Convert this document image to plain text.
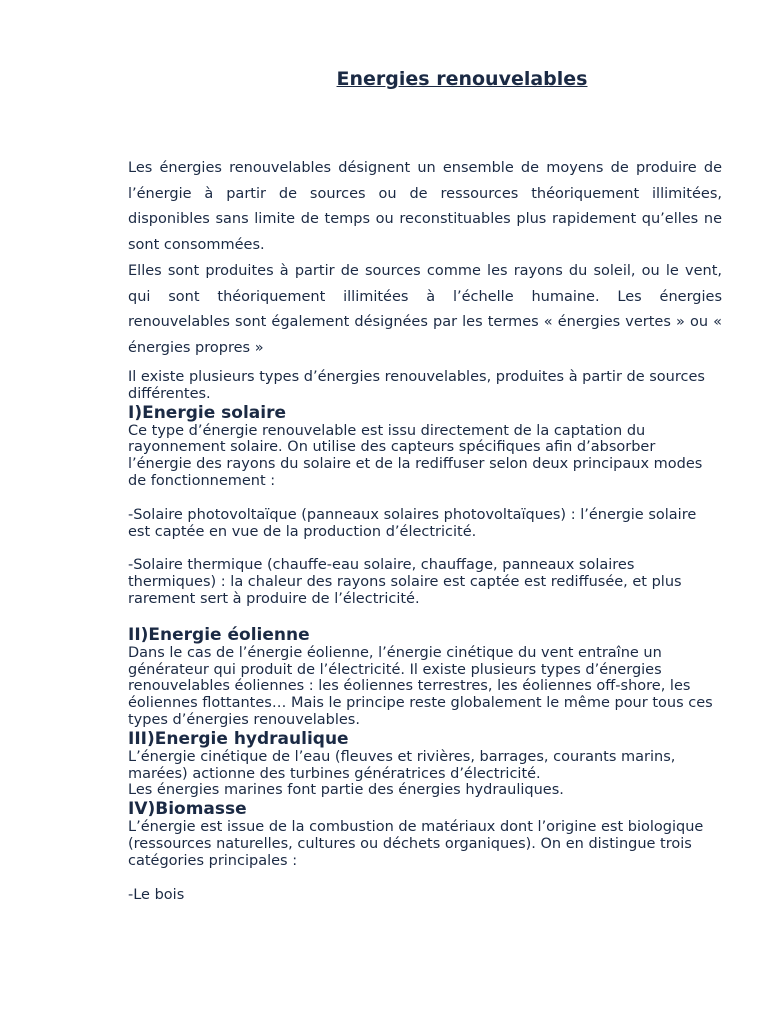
Energies renouvelables

Les énergies renouvelables désignent un ensemble de moyens de produire de l’énergie à partir de sources ou de ressources théoriquement illimitées, disponibles sans limite de temps ou reconstituables plus rapidement qu’elles ne sont consommées.

Elles sont produites à partir de sources comme les rayons du soleil, ou le vent, qui sont théoriquement illimitées à l’échelle humaine. Les énergies renouvelables sont également désignées par les termes « énergies vertes » ou « énergies propres »

Il existe plusieurs types d’énergies renouvelables, produites à partir de sources différentes.

I)Energie solaire

Ce type d’énergie renouvelable est issu directement de la captation du rayonnement solaire. On utilise des capteurs spécifiques afin d’absorber l’énergie des rayons du solaire et de la rediffuser selon deux principaux modes de fonctionnement :

-Solaire photovoltaïque (panneaux solaires photovoltaïques) : l’énergie solaire est captée en vue de la production d’électricité.

-Solaire thermique (chauffe-eau solaire, chauffage, panneaux solaires thermiques) : la chaleur des rayons solaire est captée est rediffusée, et plus rarement sert à produire de l’électricité.

II)Energie éolienne

Dans le cas de l’énergie éolienne, l’énergie cinétique du vent entraîne un générateur qui produit de l’électricité. Il existe plusieurs types d’énergies renouvelables éoliennes : les éoliennes terrestres, les éoliennes off-shore, les éoliennes flottantes… Mais le principe reste globalement le même pour tous ces types d’énergies renouvelables.

III)Energie hydraulique

L’énergie cinétique de l’eau (fleuves et rivières, barrages, courants marins, marées) actionne des turbines génératrices d’électricité.

Les énergies marines font partie des énergies hydrauliques.

IV)Biomasse

L’énergie est issue de la combustion de matériaux dont l’origine est biologique (ressources naturelles, cultures ou déchets organiques). On en distingue trois catégories principales :

-Le bois
